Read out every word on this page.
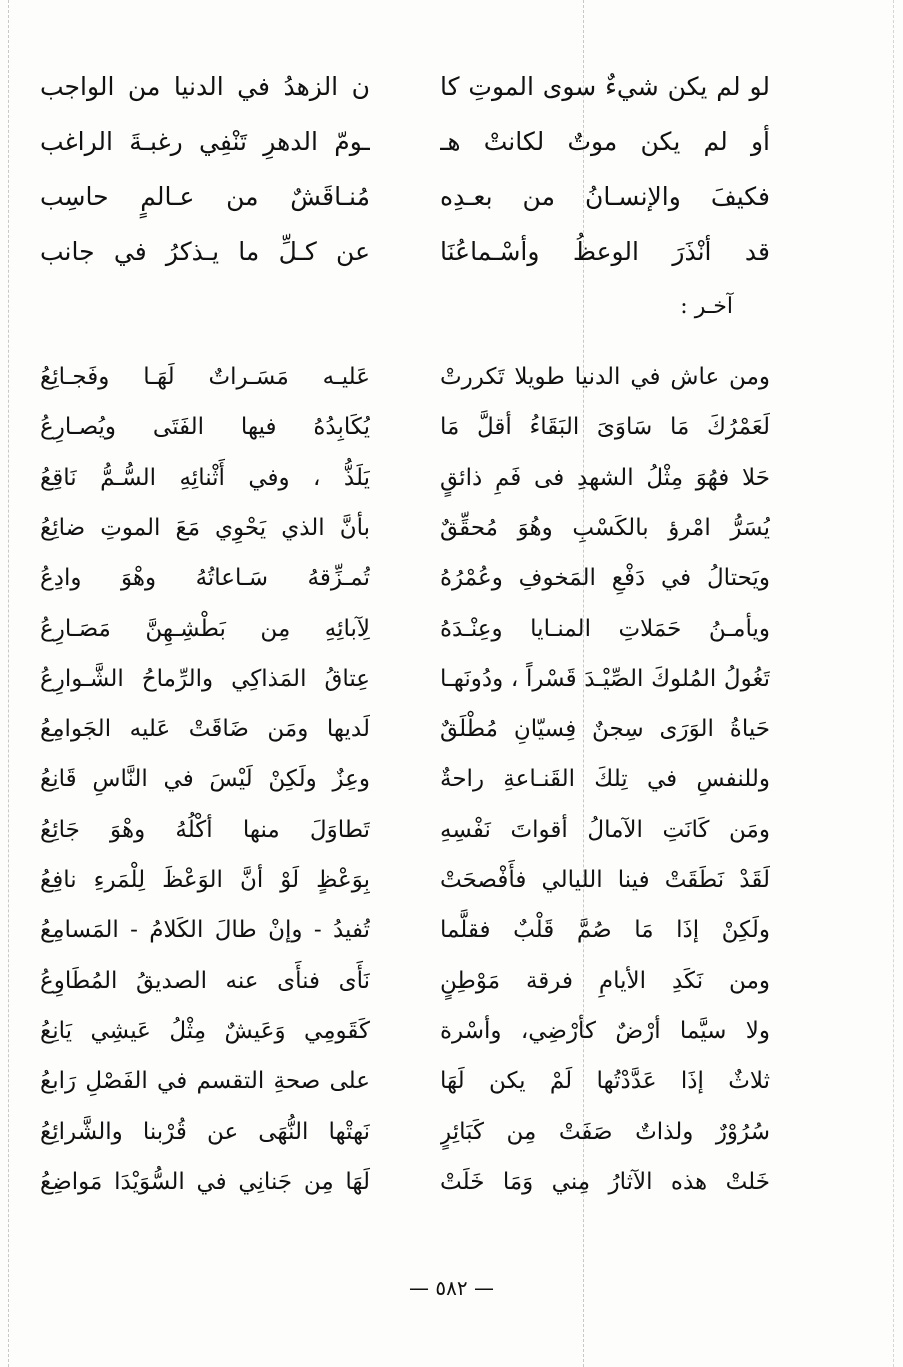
لو لم يكن شيءٌ سوى الموتِ كا
ن الزهدُ في الدنيا من الواجب
أو لم يكن موتٌ لكانتْ هـ
ـومّ الدهرِ تَنْفِي رغبـةَ الراغب
فكيفَ والإنسـانُ من بعـدِه
مُنـاقَشٌ من عـالمٍ حاسِب
قد أنْذَرَ الوعظُ وأسْـماعُنَا
عن كـلِّ ما يـذكرُ في جانب
آخـر :
ومن عاش في الدنيا طويلا تَكررتْ
عَليـه مَسَـراتٌ لَهَـا وفَجـائِعُ
لَعَمْرُكَ مَا سَاوَىَ البَقَاءُ أقلَّ مَا
يُكَابِدُهُ فيها الفَتَى ويُصـارِعُ
حَلا فهُوَ مِثْلُ الشهدِ فى فَمِ ذائقٍ
يَلَذُّ ، وفي أَثْنائِهِ السُّـمُّ نَاقِعُ
يُسَرُّ امْرؤ بالكَسْبِ وهُوَ مُحقِّقٌ
بأنَّ الذي يَحْوِي مَعَ الموتِ ضائِعُ
ويَحتالُ في دَفْعِ المَخوفِ وعُمْرُهُ
تُمـزِّقهُ سَـاعاتُهُ وهْوَ وادِعُ
ويأمـنُ حَمَلاتِ المنـايا وعِنْـدَهُ
لِآبائِهِ مِن بَطْشِـهِنَّ مَصَـارِعُ
تَغُولُ المُلوكَ الصِّيْـدَ قَسْراً ، ودُونَهـا
عِتاقُ المَذاكِي والرِّماحُ الشَّـوارِعُ
حَياةُ الوَرَى سِجنٌ فِسيّانِ مُطْلَقٌ
لَديها ومَن ضَاقَتْ عَليه الجَوامِعُ
وللنفسِ في تِلكَ القَنـاعةِ راحةٌ
وعِزٌ ولَكِنْ لَيْسَ في النَّاسِ قَانِعُ
ومَن كَانَتِ الآمالُ أقواتَ نَفْسِهِ
تَطاوَلَ منها أكْلُهُ وهْوَ جَائِعُ
لَقَدْ نَطَقَتْ فينا الليالي فأَفْصحَتْ
بِوَعْظٍ لَوْ أنَّ الوَعْظَ لِلْمَرءِ نافِعُ
ولَكِنْ إذَا مَا صُمَّ قَلْبٌ فقلَّما
تُفيدُ - وإنْ طالَ الكَلامُ - المَسامِعُ
ومن نَكَدِ الأيامِ فرقة مَوْطِنٍ
نَأَى فنأَى عنه الصديقُ المُطَاوِعُ
ولا سيَّما أرْضٌ كأرْضِي، وأسْرة
كَقَومِي وَعَيشٌ مِثْلُ عَيشِي يَانِعُ
ثلاثٌ إذَا عَدَّدْتُها لَمْ يكن لَهَا
على صحةِ التقسم في الفَصْلِ رَابعُ
سُرُوْرٌ ولذاتٌ صَفَتْ مِن كَبَائِرٍ
نَهتْها النُّهَى عن قُرْبنا والشَّرائِعُ
خَلتْ هذه الآثارُ مِني وَمَا خَلَتْ
لَهَا مِن جَنانِي في السُّوَيْدَا مَواضِعُ
— ٥٨٢ —
